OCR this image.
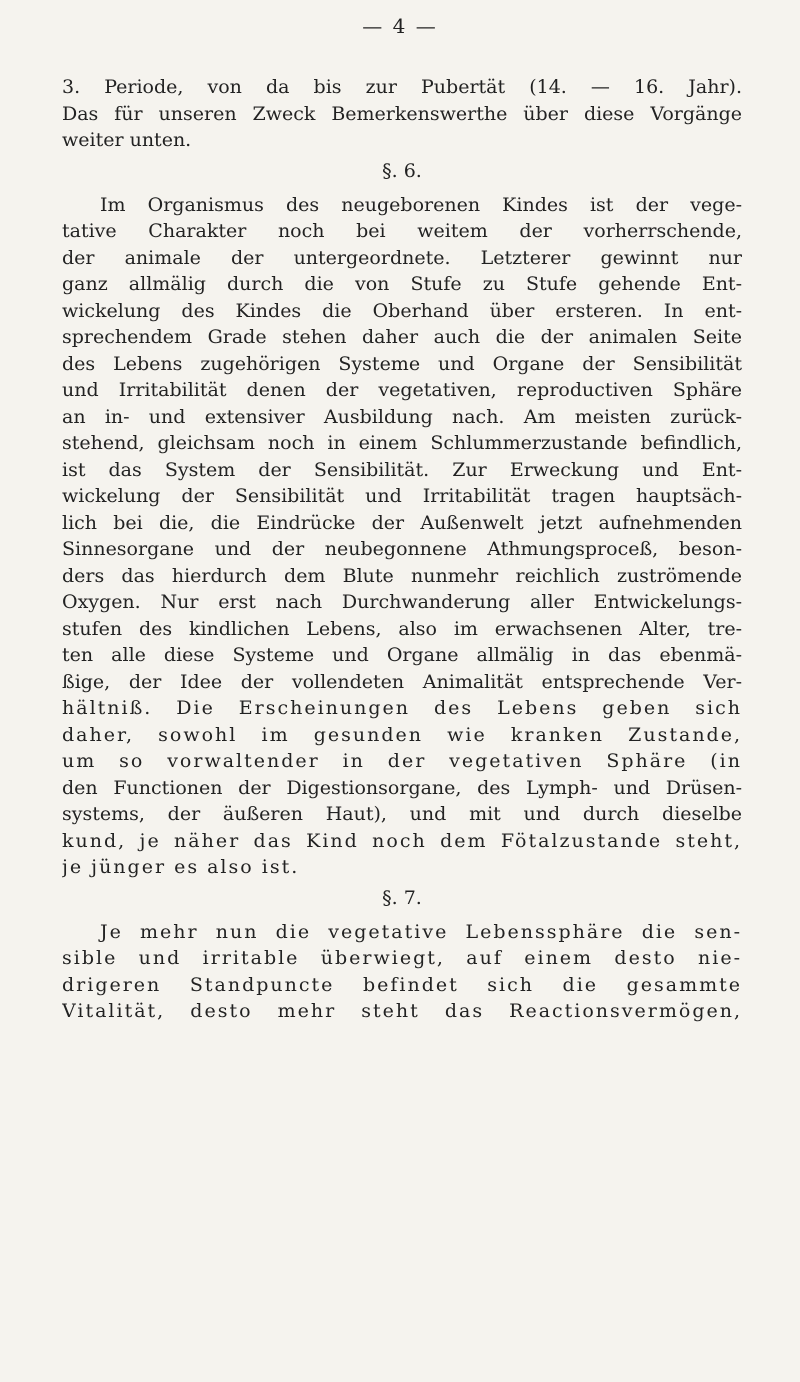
— 4 —
3. Periode, von da bis zur Pubertät (14. — 16. Jahr).
Das für unseren Zweck Bemerkenswerthe über diese Vorgänge
weiter unten.
§. 6.
Im Organismus des neugeborenen Kindes ist der vege-
tative Charakter noch bei weitem der vorherrschende,
der animale der untergeordnete. Letzterer gewinnt nur
ganz allmälig durch die von Stufe zu Stufe gehende Ent-
wickelung des Kindes die Oberhand über ersteren. In ent-
sprechendem Grade stehen daher auch die der animalen Seite
des Lebens zugehörigen Systeme und Organe der Sensibilität
und Irritabilität denen der vegetativen, reproductiven Sphäre
an in- und extensiver Ausbildung nach. Am meisten zurück-
stehend, gleichsam noch in einem Schlummerzustande befindlich,
ist das System der Sensibilität. Zur Erweckung und Ent-
wickelung der Sensibilität und Irritabilität tragen hauptsäch-
lich bei die, die Eindrücke der Außenwelt jetzt aufnehmenden
Sinnesorgane und der neubegonnene Athmungsproceß, beson-
ders das hierdurch dem Blute nunmehr reichlich zuströmende
Oxygen. Nur erst nach Durchwanderung aller Entwickelungs-
stufen des kindlichen Lebens, also im erwachsenen Alter, tre-
ten alle diese Systeme und Organe allmälig in das ebenmä-
ßige, der Idee der vollendeten Animalität entsprechende Ver-
hältniß. Die Erscheinungen des Lebens geben sich
daher, sowohl im gesunden wie kranken Zustande,
um so vorwaltender in der vegetativen Sphäre (in
den Functionen der Digestionsorgane, des Lymph- und Drüsen-
systems, der äußeren Haut), und mit und durch dieselbe
kund, je näher das Kind noch dem Fötalzustande steht,
je jünger es also ist.
§. 7.
Je mehr nun die vegetative Lebenssphäre die sen-
sible und irritable überwiegt, auf einem desto nie-
drigeren Standpuncte befindet sich die gesammte
Vitalität, desto mehr steht das Reactionsvermögen,
